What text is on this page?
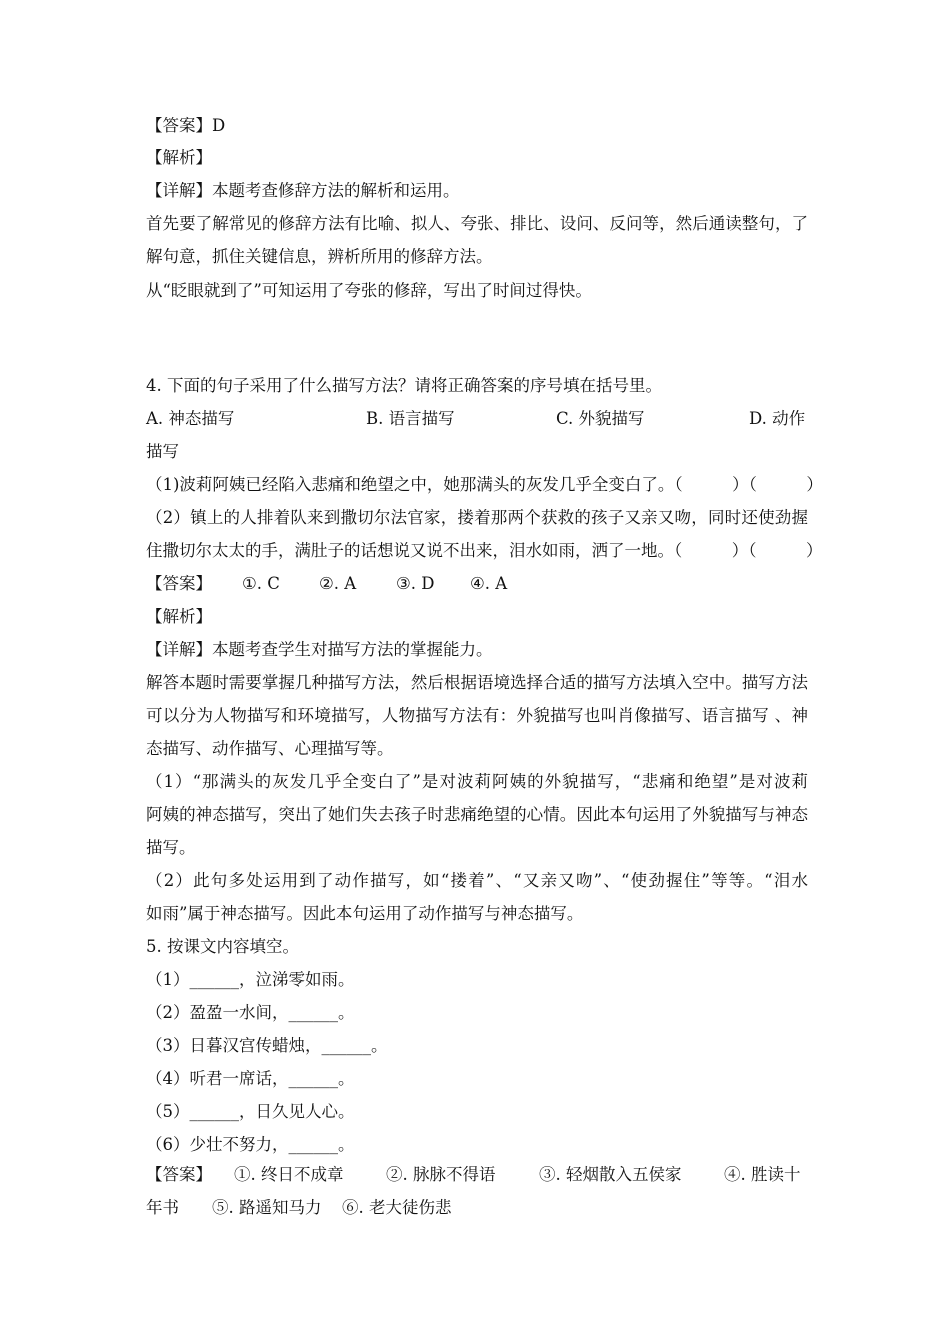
【答案】D
【解析】
【详解】本题考查修辞方法的解析和运用。
首先要了解常见的修辞方法有比喻、拟人、夸张、排比、设问、反问等，然后通读整句，了
解句意，抓住关键信息，辨析所用的修辞方法。
从“眨眼就到了”可知运用了夸张的修辞，写出了时间过得快。
4. 下面的句子采用了什么描写方法？请将正确答案的序号填在括号里。

A. 神态描写

	B. 语言描写

	C. 外貌描写

	D. 动作

描写
（1)波莉阿姨已经陷入悲痛和绝望之中，她那满头的灰发几乎全变白了。（　　　）（　　　）
（2）镇上的人排着队来到撒切尔法官家，搂着那两个获救的孩子又亲又吻，同时还使劲握
住撒切尔太太的手，满肚子的话想说又说不出来，泪水如雨，洒了一地。（　　　）（　　　）

【答案】

①. C

②. A

③. D

④. A

【解析】
【详解】本题考查学生对描写方法的掌握能力。
解答本题时需要掌握几种描写方法，然后根据语境选择合适的描写方法填入空中。描写方法
可以分为人物描写和环境描写，人物描写方法有：外貌描写也叫肖像描写、语言描写 、神
态描写、动作描写、心理描写等。
（1）“那满头的灰发几乎全变白了”是对波莉阿姨的外貌描写，“悲痛和绝望”是对波莉
阿姨的神态描写，突出了她们失去孩子时悲痛绝望的心情。因此本句运用了外貌描写与神态
描写。
（2）此句多处运用到了动作描写，如“搂着”、“又亲又吻”、“使劲握住”等等。“泪水
如雨”属于神态描写。因此本句运用了动作描写与神态描写。
5. 按课文内容填空。
（1）______，泣涕零如雨。
（2）盈盈一水间，______。
（3）日暮汉宫传蜡烛，______。
（4）听君一席话，______。
（5）______，日久见人心。
（6）少壮不努力，______。

【答案】

①. 终日不成章

	②. 脉脉不得语

	③. 轻烟散入五侯家

	④. 胜读十

年书

⑤. 路遥知马力

⑥. 老大徒伤悲
